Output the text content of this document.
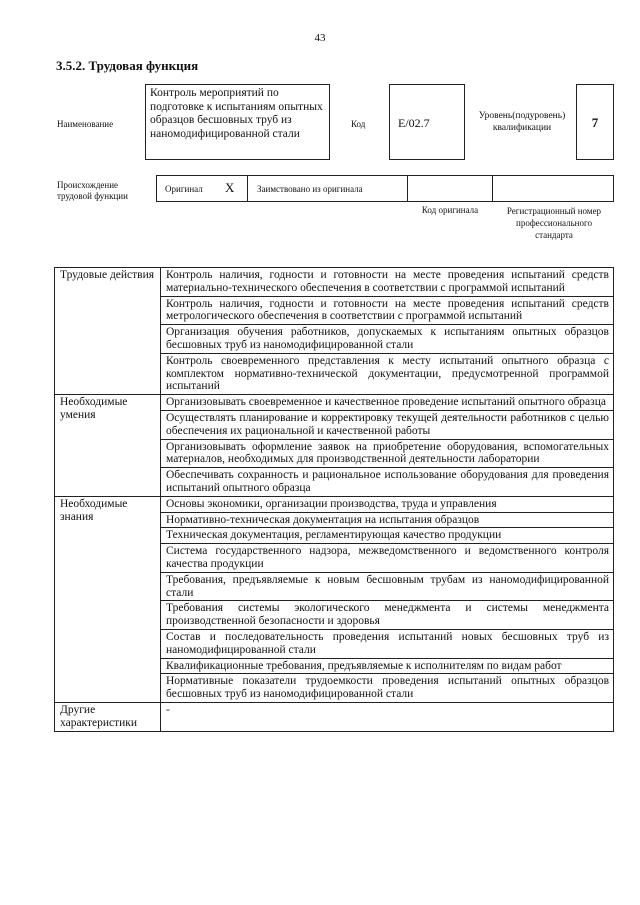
43
3.5.2. Трудовая функция
Наименование
Контроль мероприятий по подготовке к испытаниям опытных образцов бесшовных труб из наномодифицированной стали
Код	E/02.7	Уровень(подуровень) квалификации	7
Происхождение трудовой функции
Оригинал X	Заимствовано из оригинала
Код оригинала	Регистрационный номер профессионального стандарта
Трудовые действия	Контроль наличия, годности и готовности на месте проведения испытаний средств материально-технического обеспечения в соответствии с программой испытаний
	Контроль наличия, годности и готовности на месте проведения испытаний средств метрологического обеспечения в соответствии с программой испытаний
	Организация обучения работников, допускаемых к испытаниям опытных образцов бесшовных труб из наномодифицированной стали
	Контроль своевременного представления к месту испытаний опытного образца с комплектом нормативно-технической документации, предусмотренной программой испытаний
Необходимые умения	Организовывать своевременное и качественное проведение испытаний опытного образца
	Осуществлять планирование и корректировку текущей деятельности работников с целью обеспечения их рациональной и качественной работы
	Организовывать оформление заявок на приобретение оборудования, вспомогательных материалов, необходимых для производственной деятельности лаборатории
	Обеспечивать сохранность и рациональное использование оборудования для проведения испытаний опытного образца
Необходимые знания	Основы экономики, организации производства, труда и управления
	Нормативно-техническая документация на испытания образцов
	Техническая документация, регламентирующая качество продукции
	Система государственного надзора, межведомственного и ведомственного контроля качества продукции
	Требования, предъявляемые к новым бесшовным трубам из наномодифицированной стали
	Требования системы экологического менеджмента и системы менеджмента производственной безопасности и здоровья
	Состав и последовательность проведения испытаний новых бесшовных труб из наномодифицированной стали
	Квалификационные требования, предъявляемые к исполнителям по видам работ
	Нормативные показатели трудоемкости проведения испытаний опытных образцов бесшовных труб из наномодифицированной стали
Другие характеристики	-
